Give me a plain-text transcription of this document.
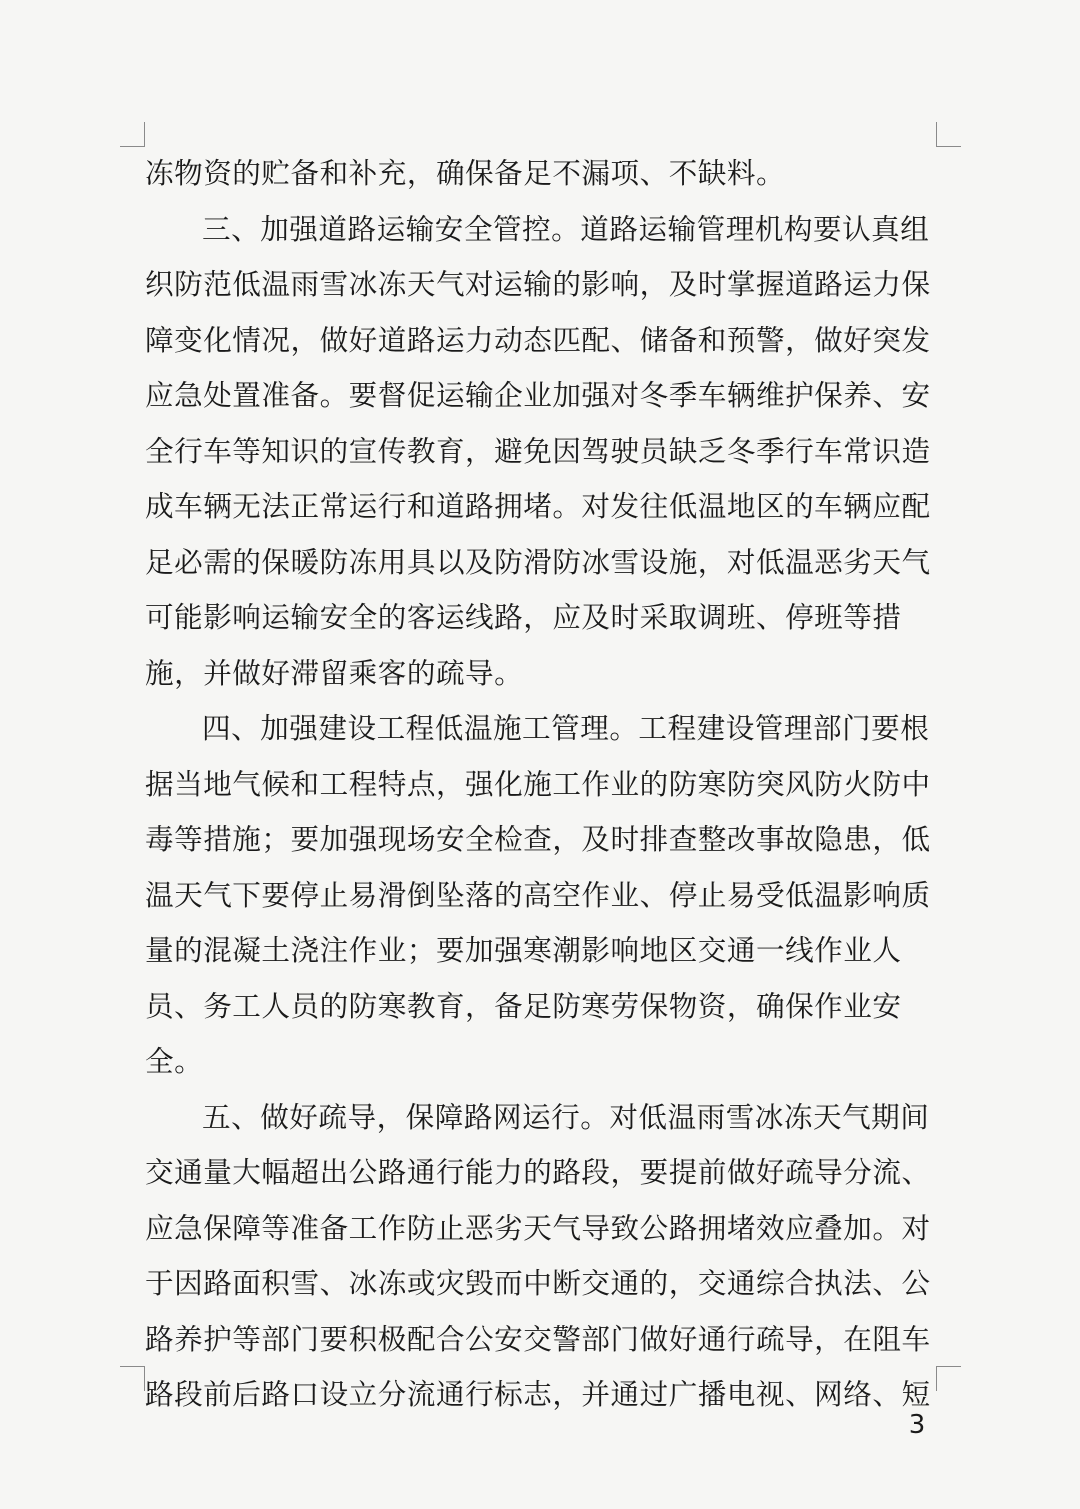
冻物资的贮备和补充，确保备足不漏项、不缺料。

三、加强道路运输安全管控。道路运输管理机构要认真组织防范低温雨雪冰冻天气对运输的影响，及时掌握道路运力保障变化情况，做好道路运力动态匹配、储备和预警，做好突发应急处置准备。要督促运输企业加强对冬季车辆维护保养、安全行车等知识的宣传教育，避免因驾驶员缺乏冬季行车常识造成车辆无法正常运行和道路拥堵。对发往低温地区的车辆应配足必需的保暖防冻用具以及防滑防冰雪设施，对低温恶劣天气可能影响运输安全的客运线路，应及时采取调班、停班等措施，并做好滞留乘客的疏导。

四、加强建设工程低温施工管理。工程建设管理部门要根据当地气候和工程特点，强化施工作业的防寒防突风防火防中毒等措施；要加强现场安全检查，及时排查整改事故隐患，低温天气下要停止易滑倒坠落的高空作业、停止易受低温影响质量的混凝土浇注作业；要加强寒潮影响地区交通一线作业人员、务工人员的防寒教育，备足防寒劳保物资，确保作业安全。

五、做好疏导，保障路网运行。对低温雨雪冰冻天气期间交通量大幅超出公路通行能力的路段，要提前做好疏导分流、应急保障等准备工作防止恶劣天气导致公路拥堵效应叠加。对于因路面积雪、冰冻或灾毁而中断交通的，交通综合执法、公路养护等部门要积极配合公安交警部门做好通行疏导，在阻车路段前后路口设立分流通行标志，并通过广播电视、网络、短

3
